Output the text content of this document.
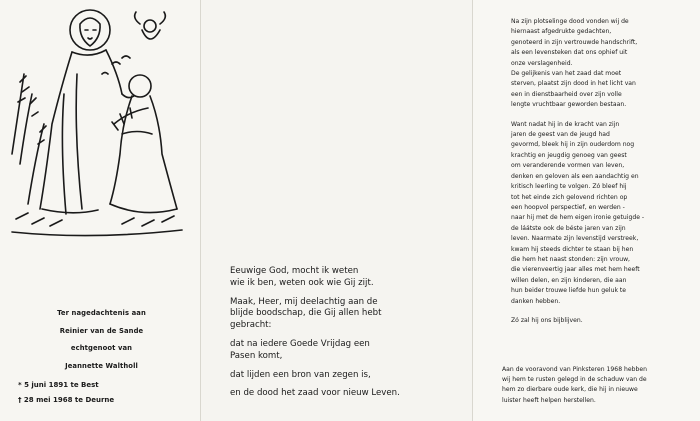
Ter nagedachtenis aan
Reinier van de Sande
echtgenoot van
Jeannette Waltholl
* 5 juni 1891 te Best
† 28 mei 1968 te Deurne
Eeuwige God, mocht ik weten
wie ik ben, weten ook wie Gij zijt.
Maak, Heer, mij deelachtig aan de
blijde boodschap, die Gij allen hebt
gebracht:
dat na iedere Goede Vrijdag een
Pasen komt,
dat lijden een bron van zegen is,
en de dood het zaad voor nieuw Leven.
Na zijn plotselinge dood vonden wij de
hiernaast afgedrukte gedachten,
genoteerd in zijn vertrouwde handschrift,
als een levensteken dat ons ophief uit
onze verslagenheid.
De gelijkenis van het zaad dat moet
sterven, plaatst zijn dood in het licht van
een in dienstbaarheid over zijn volle
lengte vruchtbaar geworden bestaan.
Want nadat hij in de kracht van zijn
jaren de geest van de jeugd had
gevormd, bleek hij in zijn ouderdom nog
krachtig en jeugdig genoeg van geest
om veranderende vormen van leven,
denken en geloven als een aandachtig en
kritisch leerling te volgen. Zó bleef hij
tot het einde zich gelovend richten op
een hoopvol perspectief, en werden -
naar hij met de hem eigen ironie getuigde -
de láátste ook de béste jaren van zijn
leven. Naarmate zijn levenstijd verstreek,
kwam hij steeds dichter te staan bij hen
die hem het naast stonden: zijn vrouw,
die vierenveertig jaar alles met hem heeft
willen delen, en zijn kinderen, die aan
hun beider trouwe liefde hun geluk te
danken hebben.
Zó zal hij ons bijblijven.
Aan de vooravond van Pinksteren 1968 hebben
wij hem te rusten gelegd in de schaduw van de
hem zo dierbare oude kerk, die hij in nieuwe
luister heeft helpen herstellen.
